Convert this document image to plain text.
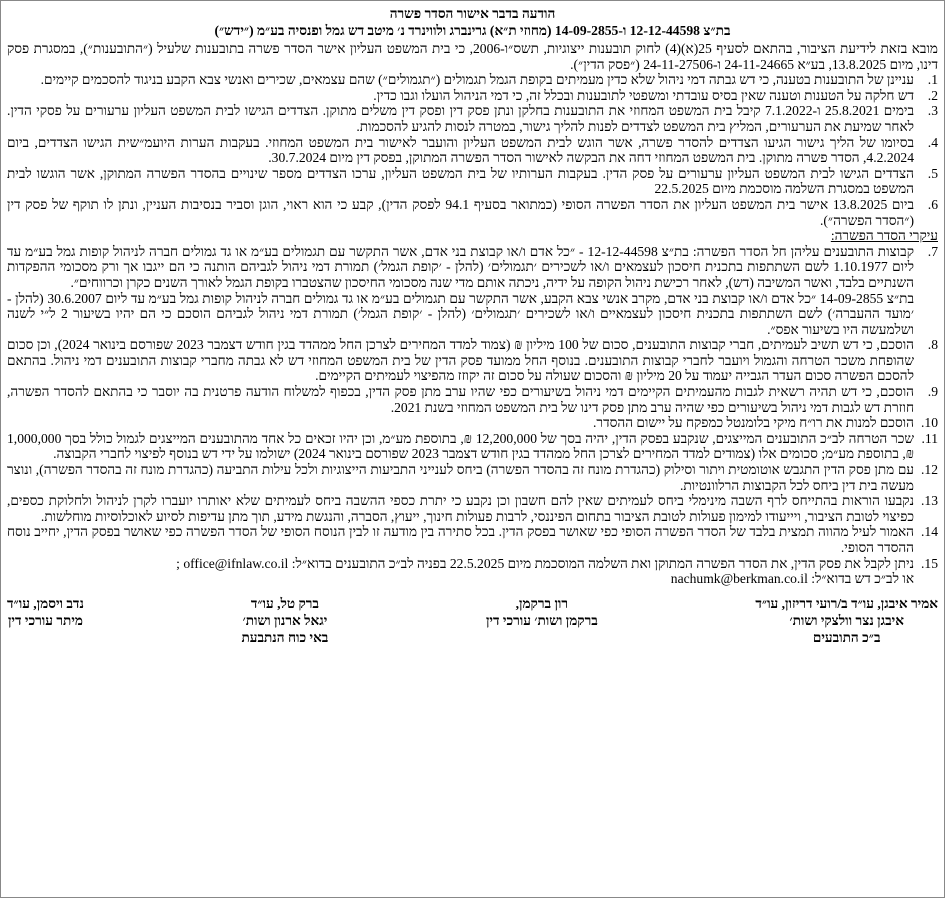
הודעה בדבר אישור הסדר פשרה
בת״צ 12-12-44598 ו-14-09-2855 (מחוזי ת״א) גרינברג ולווינרד נ׳ מיטב דש גמל ופנסיה בע״מ (״ידש״)

מובא בזאת לידיעת הציבור, בהתאם לסעיף 25(א)(4) לחוק תובענות ייצוגיות, תשס״ו-2006, כי בית המשפט העליון אישר הסדר פשרה בתובענות שלעיל (״התובענות״), במסגרת פסק דינו, מיום 13.8.2025, בע״א 24-11-24665 ו-24-11-27506 (״פסק הדין״).

1.
עניינן של התובענות בטענה, כי דש גבתה דמי ניהול שלא כדין מעמיתים בקופת הגמל תגמולים (״תגמולים״) שהם עצמאים, שכירים ואנשי צבא הקבע בניגוד להסכמים קיימים.
2.
דש חלקה על הטענות וטענה שאין בסיס עובדתי ומשפטי לתובענות ובכלל זה, כי דמי הניהול הועלו וגבו כדין.
3.
בימים 25.8.2021 ו-7.1.2022 קיבל בית המשפט המחוזי את התובענות בחלקן ונתן פסק דין ופסק דין משלים מתוקן. הצדדים הגישו לבית המשפט העליון ערעורים על פסקי הדין. לאחר שמיעת את הערעורים, המליץ בית המשפט לצדדים לפנות להליך גישור, במטרה לנסות להגיע להסכמות.
4.
בסיומו של הליך גישור הגיעו הצדדים להסדר פשרה, אשר הוגש לבית המשפט העליון והועבר לאישור בית המשפט המחוזי. בעקבות הערות היועמ״שית הגישו הצדדים, ביום 4.2.2024, הסדר פשרה מתוקן. בית המשפט המחוזי דחה את הבקשה לאישור הסדר הפשרה המתוקן, בפסק דין מיום 30.7.2024.
5.
הצדדים הגישו לבית המשפט העליון ערעורים על פסק הדין. בעקבות הערותיו של בית המשפט העליון, ערכו הצדדים מספר שינויים בהסדר הפשרה המתוקן, אשר הוגשו לבית המשפט במסגרת השלמה מוסכמת מיום 22.5.2025
6.
ביום 13.8.2025 אישר בית המשפט העליון את הסדר הפשרה הסופי (כמתואר בסעיף 94.1 לפסק הדין), קבע כי הוא ראוי, הוגן וסביר בנסיבות העניין, ונתן לו תוקף של פסק דין (״הסדר הפשרה״).

עיקרי הסדר הפשרה:

7.
קבוצות התובענים עליהן חל הסדר הפשרה: בת״צ 12-12-44598 - ״כל אדם ו/או קבוצת בני אדם, אשר התקשר עם תגמולים בע״מ או גד גמולים חברה לניהול קופות גמל בע״מ עד ליום 1.10.1977 לשם השתתפות בתכנית חיסכון לעצמאים ו/או לשכירים ׳תגמולים׳ (להלן - ׳קופת הגמל׳) תמורת דמי ניהול לגביהם הותנה כי הם ייגבו אך ורק מסכומי ההפקדות השנתיים בלבד, ואשר המשיבה (דש), לאחר רכישת ניהול הקופה על ידיה, ניכתה אותם מדי שנה מסכומי החיסכון שהצטברו בקופת הגמל לאורך השנים כקרן וכרווחים״.

בת״צ 14-09-2855 ״כל אדם ו/או קבוצת בני אדם, מקרב אנשי צבא הקבע, אשר התקשר עם תגמולים בע״מ או גד גמולים חברה לניהול קופות גמל בע״מ עד ליום 30.6.2007 (להלן - ׳מועד ההעברה׳) לשם השתתפות בתכנית חיסכון לעצמאיים ו/או לשכירים ׳תגמולים׳ (להלן - ׳קופת הגמל׳) תמורת דמי ניהול לגביהם הוסכם כי הם יהיו בשיעור 2 ל״י לשנה ושלמעשה היו בשיעור אפס״.

8.
הוסכם, כי דש תשיב לעמיתים, חברי קבוצות התובענים, סכום של 100 מיליון ₪ (צמוד למדד המחירים לצרכן החל ממהדד בגין חודש דצמבר 2023 שפורסם בינואר 2024), וכן סכום שהופחת משכר הטרחה והגמול ויועבר לחברי קבוצות התובענים. בנוסף החל ממועד פסק הדין של בית המשפט המחוזי דש לא גבתה מחברי קבוצות התובענים דמי ניהול. בהתאם להסכם הפשרה סכום העדר הגבייה יעמוד על 20 מיליון ₪ והסכום שעולה על סכום זה יקוזז מהפיצוי לעמיתים הקיימים.
9.
הוסכם, כי דש תהיה רשאית לגבות מהעמיתים הקיימים דמי ניהול בשיעורים כפי שהיו ערב מתן פסק הדין, בכפוף למשלוח הודעה פרטנית בה יוסבר כי בהתאם להסדר הפשרה, חוזרת דש לגבות דמי ניהול בשיעורים כפי שהיה ערב מתן פסק דינו של בית המשפט המחוזי בשנת 2021.
10.
הוסכם למנות את רו״ח מיקי בלומנטל כמפקח על יישום ההסדר.
11.
שכר הטרחה לב״כ התובענים המייצגים, שנקבע בפסק הדין, יהיה בסך של 12,200,000 ₪, בתוספת מע״מ, וכן יהיו זכאים כל אחד מהתובענים המייצגים לגמול כולל בסך 1,000,000 ₪, בתוספת מע״מ; סכומים אלו (צמודים למדד המחירים לצרכן החל ממהדד בגין חודש דצמבר 2023 שפורסם בינואר 2024) ישולמו על ידי דש בנוסף לפיצוי לחברי הקבוצה.
12.
עם מתן פסק הדין התגבש אוטומטית ויתור וסילוק (כהגדרת מונח זה בהסדר הפשרה) ביחס לענייני התביעות הייצוגיות ולכל עילות התביעה (כהגדרת מונח זה בהסדר הפשרה), ונוצר מעשה בית דין ביחס לכל הקבוצות הרלוונטיות.
13.
נקבעו הוראות בהתייחס לרף השבה מינימלי ביחס לעמיתים שאין להם חשבון וכן נקבע כי יתרת כספי ההשבה ביחס לעמיתים שלא יאותרו יועברו לקרן לניהול ולחלוקת כספים, כפיצוי לטובת הציבור, ויייעודו למימון פעולות לטובת הציבור בתחום הפיננסי, לרבות פעולות חינוך, ייעוץ, הסברה, והנגשת מידע, תוך מתן עדיפות לסיוע לאוכלוסיות מוחלשות.
14.
האמור לעיל מהווה תמצית בלבד של הסדר הפשרה הסופי כפי שאושר בפסק הדין. בכל סתירה בין מודעה זו לבין הנוסח הסופי של הסדר הפשרה כפי שאושר בפסק הדין, יחייב נוסח ההסדר הסופי.
15.
ניתן לקבל את פסק הדין, את הסדר הפשרה המתוקן ואת השלמה המוסכמת מיום 22.5.2025 בפניה לב״כ התובענים בדוא״ל: office@ifnlaw.co.il ;

או לב״כ דש בדוא״ל: nachumk@berkman.co.il

אמיר איבגן, עו״ד ב/רועי דריזון, עו״ד
איבגן נצר וולצקי ושות׳
ב״כ התובעים
רון ברקמן,
ברקמן ושות׳ עורכי דין
ברק טל, עו״ד
יגאל ארנון ושות׳
באי כוח הנתבעת
נדב ויסמן, עו״ד
מיתר עורכי דין
